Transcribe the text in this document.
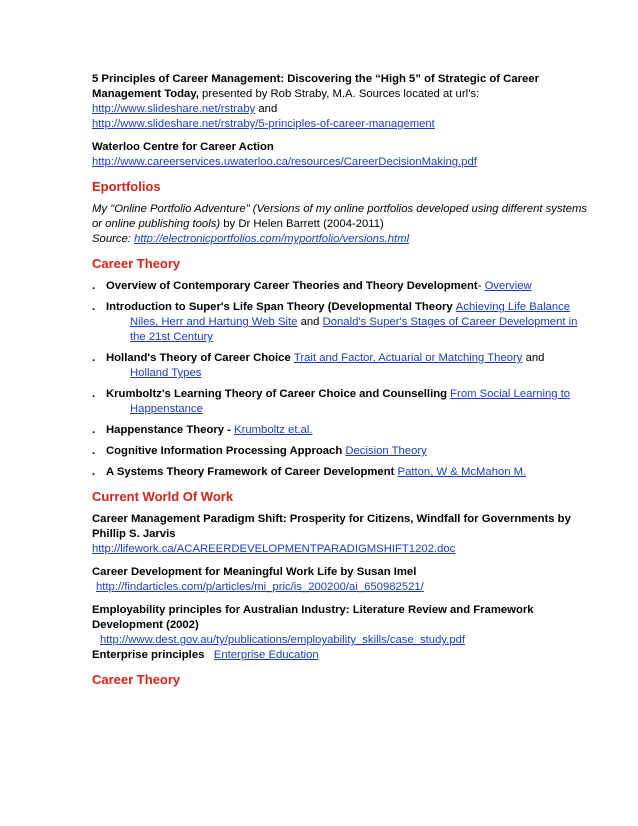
5 Principles of Career Management: Discovering the “High 5” of Strategic of Career Management Today, presented by Rob Straby, M.A. Sources located at url’s:
http://www.slideshare.net/rstraby and
http://www.slideshare.net/rstraby/5-principles-of-career-management

Waterloo Centre for Career Action
http://www.careerservices.uwaterloo.ca/resources/CareerDecisionMaking.pdf

Eportfolios

My "Online Portfolio Adventure" (Versions of my online portfolios developed using different systems or online publishing tools) by Dr Helen Barrett (2004-2011)
Source: http://electronicportfolios.com/myportfolio/versions.html

Career Theory
. Overview of Contemporary Career Theories and Theory Development- Overview
. Introduction to Super's Life Span Theory (Developmental Theory Achieving Life Balance
Niles, Herr and Hartung Web Site and Donald's Super's Stages of Career Development in the 21st Century
. Holland's Theory of Career Choice Trait and Factor, Actuarial or Matching Theory and
Holland Types
. Krumboltz's Learning Theory of Career Choice and Counselling From Social Learning to
Happenstance
. Happenstance Theory - Krumboltz et.al.
. Cognitive Information Processing Approach Decision Theory
. A Systems Theory Framework of Career Development Patton, W & McMahon M.
Current World Of Work

Career Management Paradigm Shift: Prosperity for Citizens, Windfall for Governments by Phillip S. Jarvis
http://lifework.ca/ACAREERDEVELOPMENTPARADIGMSHIFT1202.doc

Career Development for Meaningful Work Life by Susan Imel
http://findarticles.com/p/articles/mi_pric/is_200200/ai_650982521/

Employability principles for Australian Industry: Literature Review and Framework Development (2002)
http://www.dest.gov.au/ty/publications/employability_skills/case_study.pdf
Enterprise principles Enterprise Education

Career Theory
